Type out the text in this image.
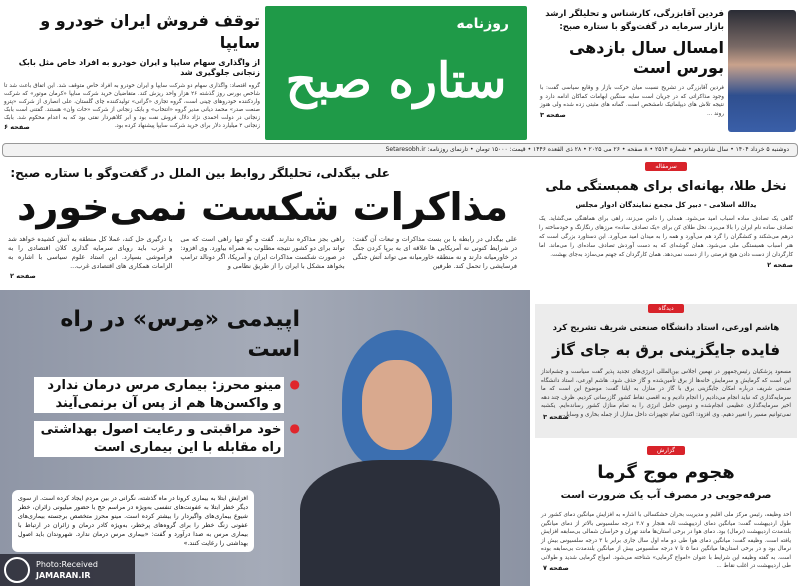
توقف فروش ایران خودرو و سایپا
از واگذاری سهام سایپا و ایران خودرو به افراد خاص مثل بابک زنجانی جلوگیری شد
گروه اقتصاد: واگذاری سهام دو شرکت سایپا و ایران خودرو به افراد خاص متوقف شد. این اتفاق باعث شد تا شاخص بورس روز گذشته ۲۶ هزار واحد ریزش کند. متقاضیان خرید شرکت سایپا «کرمان موتور» که شرکت واردکننده خودروهای چینی است، گروه تجاری «گرانی» تولیدکننده چای گلستان، علی انصاری از شرکت «پترو صنعت صدر» محمد دیانی مدیر گروه «انتخاب» و بابک زنجانی از شرکت «خات وان» هستند. گفتنی است بابک زنجانی در دولت احمدی نژاد دلال فروش نفت بود و ابر کلاهبردار نفتی بود که به اعدام محکوم شد. بابک زنجانی ۲ میلیارد دلار برای خرید شرکت سایپا پیشنهاد کرده بود.
صفحه ۶
روزنامه
ستاره صبح
فردین آقابزرگی، کارشناس و تحلیلگر ارشد بازار سرمایه در گفت‌وگو با ستاره صبح:
امسال سال بازدهی بورس است
فردین آقابزرگی در تشریح نسبت میان حرکت بازار و وقایع سیاسی گفت: با وجود مذاکراتی که در جریان است سایه سنگین ابهامات کماکان ادامه دارد و نتیجه تلاش های دیپلماتیک نامشخص است. گمانه های مثبتی زده شده ولی هنوز روند ...
صفحه ۳
دوشنبه ۵ خرداد ۱۴۰۴ • سال شانزدهم • شماره ۲۵۱۴ • ۸ صفحه • ۲۶ می ۲۰۲۵ • ۲۸ ذی القعده ۱۴۴۶ • قیمت: ۱۵۰۰۰ تومان • تارنمای روزنامه: Setaresobh.ir
علی بیگدلی، تحلیلگر روابط بین الملل در گفت‌وگو با ستاره صبح:
مذاکرات شکست نمی‌خورد
علی بیگدلی در رابطه با بن بست مذاکرات و تبعات آن گفت: در شرایط کنونی نه آمریکایی ها علاقه ای به برپا کردن جنگ در خاورمیانه دارند و نه منطقه خاورمیانه می تواند آتش جنگی فرسایشی را تحمل کند. طرفین
راهی بجز مذاکره ندارند. گفت و گو تنها راهی است که می تواند برای دو کشور نتیجه مطلوب به همراه بیاورد. وی افزود: در صورت شکست مذاکرات ایران و آمریکا، اگر دونالد ترامپ بخواهد مشکل با ایران را از طریق نظامی و
یا درگیری حل کند، عملا کل منطقه به آتش کشیده خواهد شد و غرب باید رویای سرمایه گذاری کلان اقتصادی را به فراموشی بسپارد. این استاد علوم سیاسی با اشاره به الزامات همکاری های اقتصادی غرب...
صفحه ۲
سرمقاله
نخل طلا، بهانه‌ای برای همبستگی ملی
یدالله اسلامی - دبیر کل مجمع نمایندگان ادوار مجلس
گاهی یک تصادف ساده اسباب امید می‌شود. همدلی را دامن می‌زند، راهی برای هماهنگی می‌گشاید. یک تصادف ساده نام ایران را بالا می‌برد. نخل طلای کن برای «یک تصادف ساده» مرزهای رنگارنگ و خودساخته را درهم می‌شکند و کنشگران را گرد هم می‌آورد و همه را به میدان امید می‌آورد. این دستاورد بزرگی است که هنر اسباب همبستگی ملی می‌شود. همان گوشه‌ای که به دست آوردش تصادف ساده‌ای را می‌ماند. اما کارگردان از دست دادن هیچ فرصتی را از دست نمی‌دهد. همان کارگردان که جهنم می‌سازد به‌جای بهشت.
صفحه ۲
اپیدمی «مِرس» در راه است
● مینو محرز: بیماری مرس درمان ندارد و واکسن‌ها هم از پس آن برنمی‌آیند
● خود مراقبتی و رعایت اصول بهداشتی راه مقابله با این بیماری است
افزایش ابتلا به بیماری کرونا در ماه گذشته، نگرانی در بین مردم ایجاد کرده است. از سوی دیگر خطر ابتلا به عفونت‌های تنفسی به‌ویژه در مراسم حج با حضور میلیونی زائران، خطر شیوع بیماری‌های واگیردار را بیشتر کرده است. مینو محرز متخصص برجسته بیماری‌های عفونی زنگ خطر را برای گروه‌های پرخطر، به‌ویژه کادر درمان و زائران در ارتباط با بیماری مرس به صدا درآورد و گفت: «بیماری مرس درمان ندارد. شهروندان باید اصول بهداشتی را رعایت کنند.»
Photo:Received
JAMARAN.IR
دیدگاه
هاشم اورعی، استاد دانشگاه صنعتی شریف تشریح کرد
فایده جایگزینی برق به جای گاز
مسعود پزشکیان رئیس‌جمهور در نهمین اجلاس بین‌المللی انرژی‌های تجدید پذیر گفت سیاست و چشم‌انداز این است که گرمایش و سرمایش خانه‌ها از برق تأمین‌شده و گاز حذف شود. هاشم اورعی، استاد دانشگاه صنعتی شریف درباره امکان جایگزینی برق با گاز در منازل به ایلنا گفت: موضوع این است که ما سرمایه‌گذاری که نباید انجام می‌دادیم را انجام دادیم و به اقصی نقاط کشور گازرسانی کردیم. ظرف چند دهه اخیر سرمایه‌گذاری عظیمی انجام‌شده و دومین حامل انرژی را به تمام منازل کشور رسانده‌ایم. یکشبه نمی‌توانیم مسیر را تغییر دهیم. وی افزود: اکنون تمام تجهیزات داخل منازل از جمله بخاری و وسایل...
صفحه ۳
گزارش
هجوم موج گرما
صرفه‌جویی در مصرف آب یک ضرورت است
احد وظیفه، رئیس مرکز ملی اقلیم و مدیریت بحران خشکسالی با اشاره به افزایش میانگین دمای کشور در طول اردیبهشت گفت: میانگین دمای اردیبهشت ثابه هنجار و ۳.۷ درجه سلسیوس بالاتر از دمای میانگین بلندمدت اردیبهشت (نرمال) بود. دمای هوا در برخی استان‌ها مانند تهران و خراسان شمالی بی‌سابقه افزایش یافته است. وظیفه گفت: میانگین دمای هوا طی دو ماه اول سال جاری برابر با ۳ درجه سلسیوس بیش از نرمال بود و در برخی استان‌ها میانگین دما ۵ تا ۷ درجه سلسیوس بیش از میانگین بلندمدت بی‌سابقه بوده است. به گفته وظیفه این شرایط با عنوان «امواج گرمایی» شناخته می‌شود. امواج گرمایی شدید و طولانی طی اردیبهشت در اغلب نقاط ...
صفحه ۷
